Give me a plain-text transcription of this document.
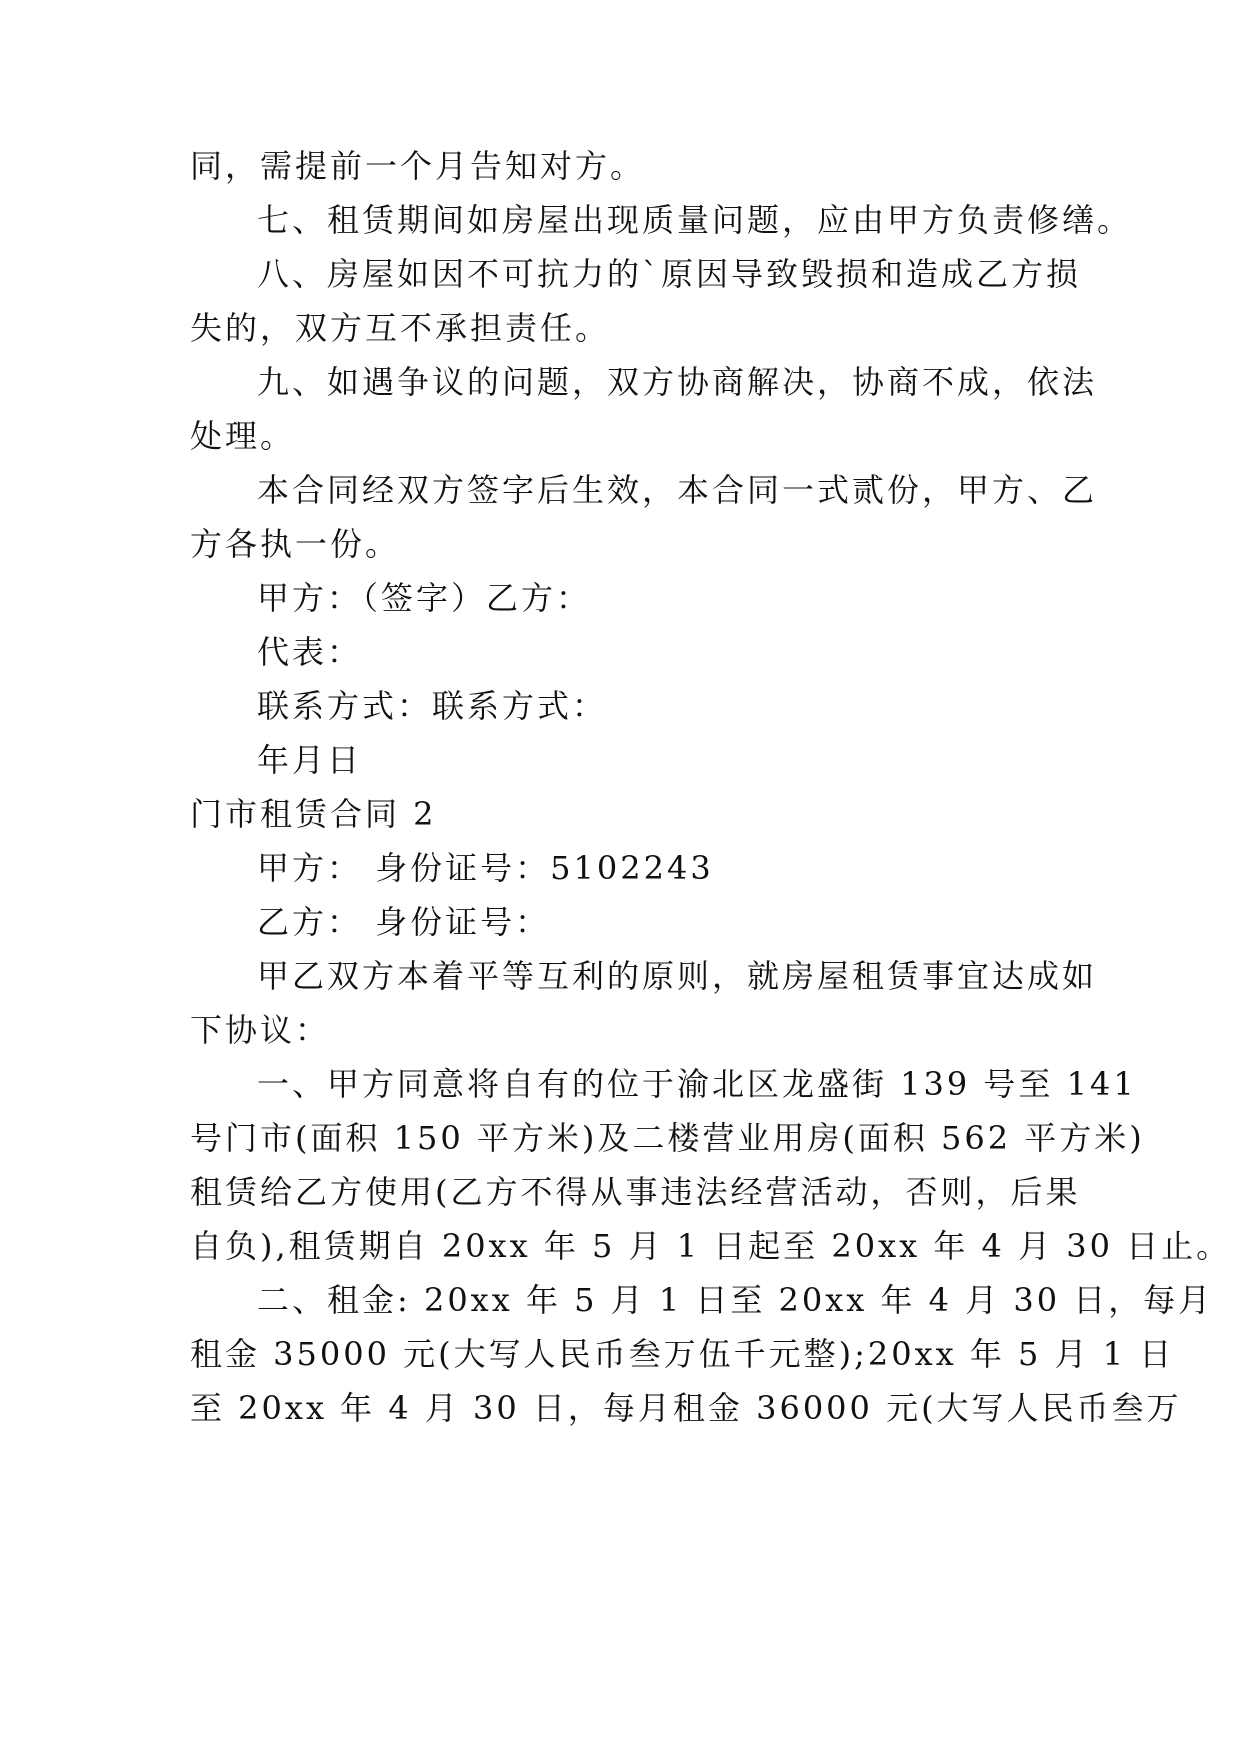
同，需提前一个月告知对方。
七、租赁期间如房屋出现质量问题，应由甲方负责修缮。
八、房屋如因不可抗力的`原因导致毁损和造成乙方损
失的，双方互不承担责任。
九、如遇争议的问题，双方协商解决，协商不成，依法
处理。
本合同经双方签字后生效，本合同一式贰份，甲方、乙
方各执一份。
甲方：（签字）乙方：
代表：
联系方式：联系方式：
年月日
门市租赁合同 2
甲方： 身份证号：5102243
乙方： 身份证号：
甲乙双方本着平等互利的原则，就房屋租赁事宜达成如
下协议：
一、甲方同意将自有的位于渝北区龙盛街 139 号至 141
号门市(面积 150 平方米)及二楼营业用房(面积 562 平方米)
租赁给乙方使用(乙方不得从事违法经营活动，否则，后果
自负),租赁期自 20xx 年 5 月 1 日起至 20xx 年 4 月 30 日止。
二、租金: 20xx 年 5 月 1 日至 20xx 年 4 月 30 日，每月
租金 35000 元(大写人民币叁万伍千元整);20xx 年 5 月 1 日
至 20xx 年 4 月 30 日，每月租金 36000 元(大写人民币叁万
